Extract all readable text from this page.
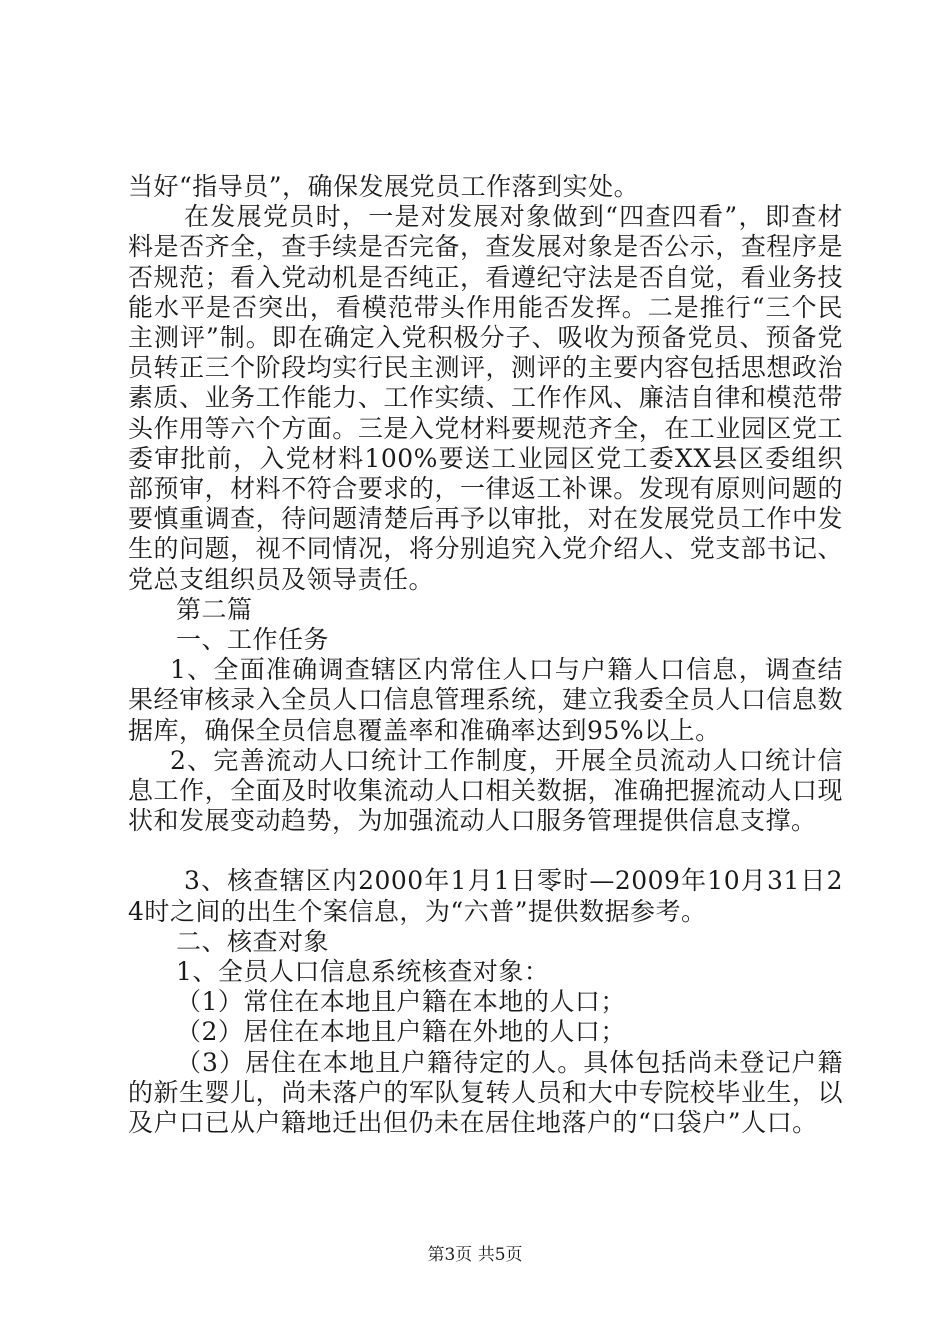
当好“指导员”，确保发展党员工作落到实处。

在发展党员时，一是对发展对象做到“四查四看”，即查材料是否齐全，查手续是否完备，查发展对象是否公示，查程序是否规范；看入党动机是否纯正，看遵纪守法是否自觉，看业务技能水平是否突出，看模范带头作用能否发挥。二是推行“三个民主测评”制。即在确定入党积极分子、吸收为预备党员、预备党员转正三个阶段均实行民主测评，测评的主要内容包括思想政治素质、业务工作能力、工作实绩、工作作风、廉洁自律和模范带头作用等六个方面。三是入党材料要规范齐全，在工业园区党工委审批前，入党材料100%要送工业园区党工委XX县区委组织部预审，材料不符合要求的，一律返工补课。发现有原则问题的要慎重调查，待问题清楚后再予以审批，对在发展党员工作中发生的问题，视不同情况，将分别追究入党介绍人、党支部书记、党总支组织员及领导责任。

第二篇

一、工作任务

1、全面准确调查辖区内常住人口与户籍人口信息，调查结果经审核录入全员人口信息管理系统，建立我委全员人口信息数据库，确保全员信息覆盖率和准确率达到95%以上。

2、完善流动人口统计工作制度，开展全员流动人口统计信息工作，全面及时收集流动人口相关数据，准确把握流动人口现状和发展变动趋势，为加强流动人口服务管理提供信息支撑。

3、核查辖区内2000年1月1日零时—2009年10月31日24时之间的出生个案信息，为“六普”提供数据参考。

二、核查对象

1、全员人口信息系统核查对象：

（1）常住在本地且户籍在本地的人口；

（2）居住在本地且户籍在外地的人口；

（3）居住在本地且户籍待定的人。具体包括尚未登记户籍的新生婴儿，尚未落户的军队复转人员和大中专院校毕业生，以及户口已从户籍地迁出但仍未在居住地落户的“口袋户”人口。

第3页 共5页
